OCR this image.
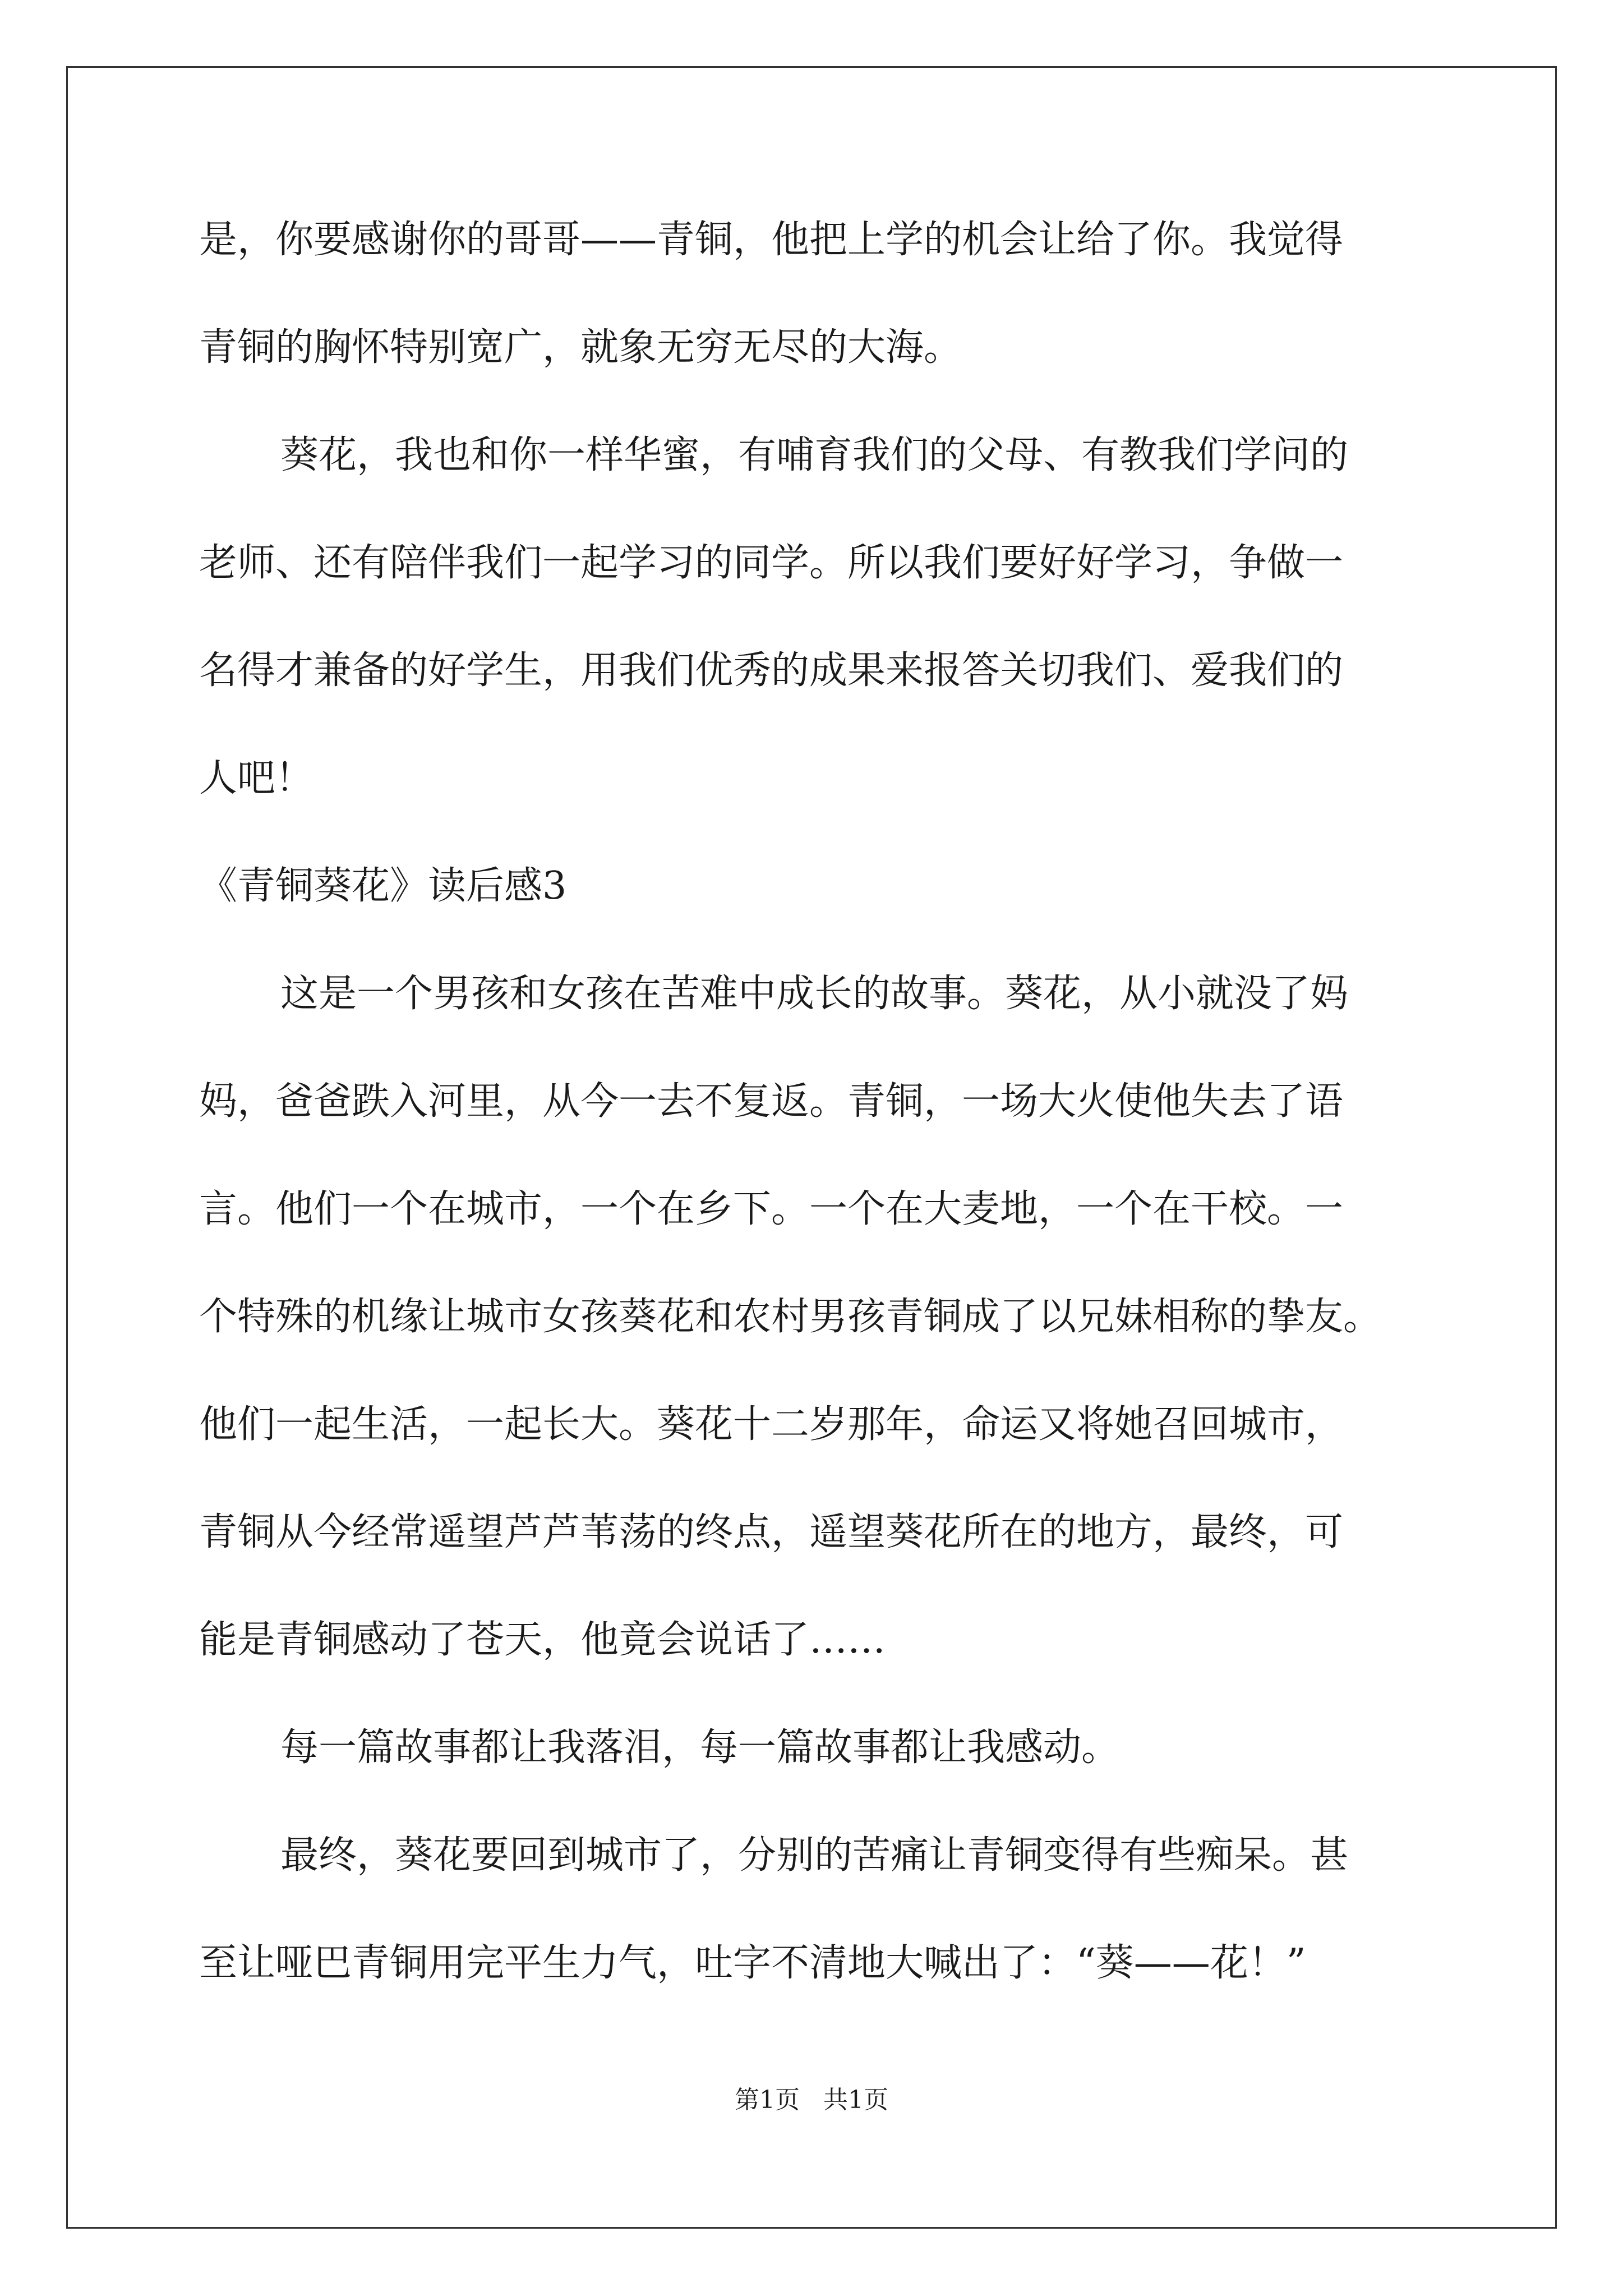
是，你要感谢你的哥哥——青铜，他把上学的机会让给了你。我觉得
青铜的胸怀特别宽广，就象无穷无尽的大海。
葵花，我也和你一样华蜜，有哺育我们的父母、有教我们学问的
老师、还有陪伴我们一起学习的同学。所以我们要好好学习，争做一
名得才兼备的好学生，用我们优秀的成果来报答关切我们、爱我们的
人吧！
《青铜葵花》读后感3
这是一个男孩和女孩在苦难中成长的故事。葵花，从小就没了妈
妈，爸爸跌入河里，从今一去不复返。青铜，一场大火使他失去了语
言。他们一个在城市，一个在乡下。一个在大麦地，一个在干校。一
个特殊的机缘让城市女孩葵花和农村男孩青铜成了以兄妹相称的挚友。
他们一起生活，一起长大。葵花十二岁那年，命运又将她召回城市，
青铜从今经常遥望芦芦苇荡的终点，遥望葵花所在的地方，最终，可
能是青铜感动了苍天，他竟会说话了……
每一篇故事都让我落泪，每一篇故事都让我感动。
最终，葵花要回到城市了，分别的苦痛让青铜变得有些痴呆。甚
至让哑巴青铜用完平生力气，吐字不清地大喊出了：“葵——花！”
第1页   共1页
